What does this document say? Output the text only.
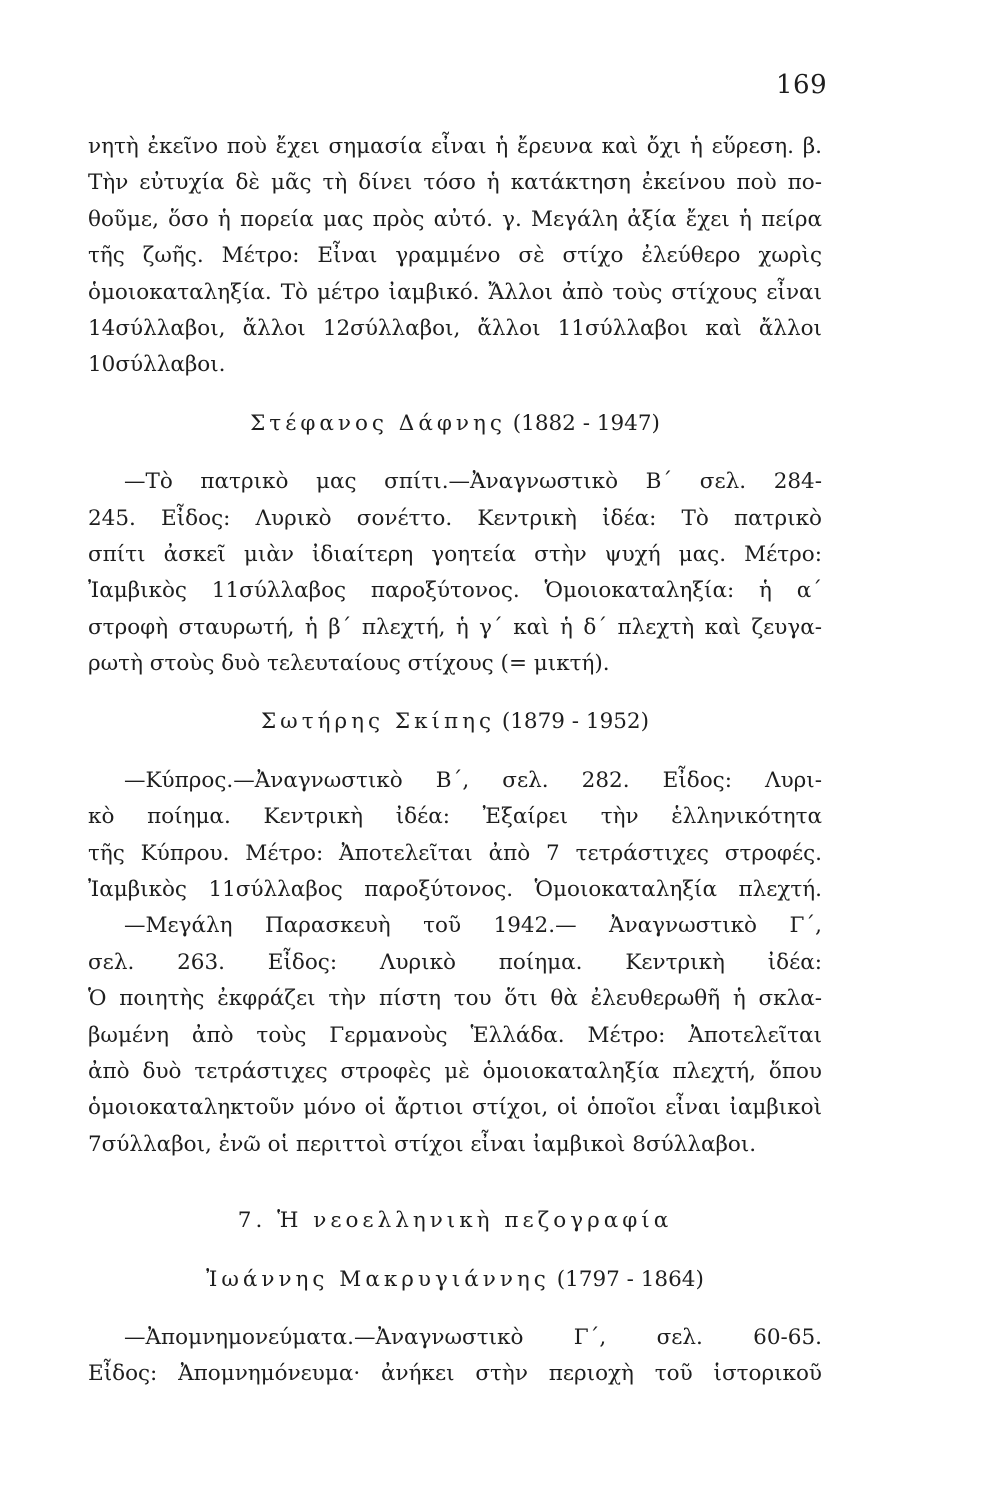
169
νητὴ ἐκεῖνο ποὺ ἔχει σημασία εἶναι ἡ ἔρευνα καὶ ὄχι ἡ εὕρεση. β.
Τὴν εὐτυχία δὲ μᾶς τὴ δίνει τόσο ἡ κατάκτηση ἐκείνου ποὺ πο-
θοῦμε, ὅσο ἡ πορεία μας πρὸς αὐτό. γ. Μεγάλη ἀξία ἔχει ἡ πείρα
τῆς ζωῆς. Μέτρο: Εἶναι γραμμένο σὲ στίχο ἐλεύθερο χωρὶς
ὁμοιοκαταληξία. Τὸ μέτρο ἰαμβικό. Ἄλλοι ἀπὸ τοὺς στίχους εἶναι
14σύλλαβοι, ἄλλοι 12σύλλαβοι, ἄλλοι 11σύλλαβοι καὶ ἄλλοι
10σύλλαβοι.
Στέφανος Δάφνης (1882 - 1947)
—Τὸ πατρικὸ μας σπίτι.—Ἀναγνωστικὸ Β΄ σελ. 284-
245. Εἶδος: Λυρικὸ σονέττο. Κεντρικὴ ἰδέα: Τὸ πατρικὸ
σπίτι ἀσκεῖ μιὰν ἰδιαίτερη γοητεία στὴν ψυχή μας. Μέτρο:
Ἰαμβικὸς 11σύλλαβος παροξύτονος. Ὁμοιοκαταληξία: ἡ α΄
στροφὴ σταυρωτή, ἡ β΄ πλεχτή, ἡ γ΄ καὶ ἡ δ΄ πλεχτὴ καὶ ζευγα-
ρωτὴ στοὺς δυὸ τελευταίους στίχους (= μικτή).
Σωτήρης Σκίπης (1879 - 1952)
—Κύπρος.—Ἀναγνωστικὸ Β΄, σελ. 282. Εἶδος: Λυρι-
κὸ ποίημα. Κεντρικὴ ἰδέα: Ἐξαίρει τὴν ἑλληνικότητα
τῆς Κύπρου. Μέτρο: Ἀποτελεῖται ἀπὸ 7 τετράστιχες στροφές.
Ἰαμβικὸς 11σύλλαβος παροξύτονος. Ὁμοιοκαταληξία πλεχτή.
—Μεγάλη Παρασκευὴ τοῦ 1942.— Ἀναγνωστικὸ Γ΄,
σελ. 263. Εἶδος: Λυρικὸ ποίημα. Κεντρικὴ ἰδέα:
Ὁ ποιητὴς ἐκφράζει τὴν πίστη του ὅτι θὰ ἐλευθερωθῆ ἡ σκλα-
βωμένη ἀπὸ τοὺς Γερμανοὺς Ἑλλάδα. Μέτρο: Ἀποτελεῖται
ἀπὸ δυὸ τετράστιχες στροφὲς μὲ ὁμοιοκαταληξία πλεχτή, ὅπου
ὁμοιοκαταληκτοῦν μόνο οἱ ἄρτιοι στίχοι, οἱ ὁποῖοι εἶναι ἰαμβικοὶ
7σύλλαβοι, ἐνῶ οἱ περιττοὶ στίχοι εἶναι ἰαμβικοὶ 8σύλλαβοι.
7. Ἡ νεοελληνικὴ πεζογραφία
Ἰωάννης Μακρυγιάννης (1797 - 1864)
—Ἀπομνημονεύματα.—Ἀναγνωστικὸ Γ΄, σελ. 60-65.
Εἶδος: Ἀπομνημόνευμα· ἀνήκει στὴν περιοχὴ τοῦ ἱστορικοῦ
